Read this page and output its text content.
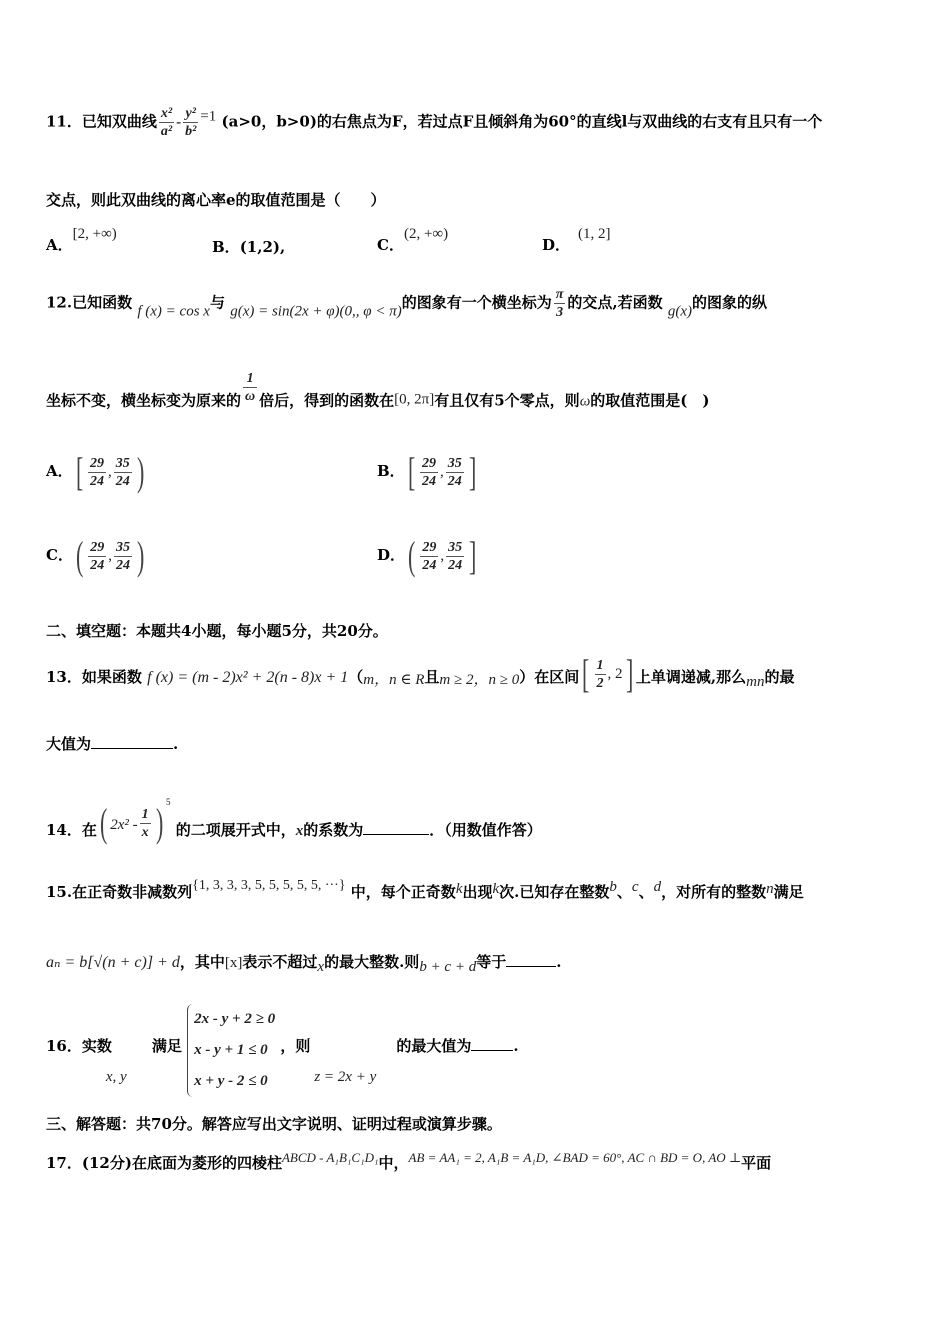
11．已知双曲线 $\frac{\text{x²}}{\text{a²}} - \frac{\text{y²}}{\text{b²}} =1$ (a>0，b>0)的右焦点为F，若过点F且倾斜角为60°的直线l与双曲线的右支有且只有一个
交点，则此双曲线的离心率e的取值范围是（　　）
A．[2, +∞)
B．(1,2),	C．(2, +∞)
D．(1, 2]
12.已知函数 f (x) = cos x与 g(x) = sin(2x + φ)(0,, φ < π)的图象有一个横坐标为 $\frac{\pi}{3}$ 的交点,若函数 g(x)的图象的纵
坐标不变，横坐标变为原来的 $\frac{1}{\omega}$ 倍后，得到的函数在[0, 2π]有且仅有5个零点，则ω的取值范围是(　)
A．[ $\frac{29}{24}$ , $\frac{35}{24}$ )	B．[ $\frac{29}{24}$ , $\frac{35}{24}$ ]
C．( $\frac{29}{24}$ , $\frac{35}{24}$ )	D．( $\frac{29}{24}$ , $\frac{35}{24}$ ]
二、填空题：本题共4小题，每小题5分，共20分。
13．如果函数 f (x) = (m - 2)x² + 2(n - 8)x + 1（m，n ∈ R且m ≥ 2，n ≥ 0）在区间[ $\frac{1}{2}$ , 2] 上单调递减,那么mn的最
大值为	.
14．在( $2x^2 - \frac{1}{x}$ ) $^5$ 的二项展开式中，x的系数为	．（用数值作答）
15.在正奇数非减数列{1, 3, 3, 3, 5, 5, 5, 5, 5, ···} 中，每个正奇数k出现k次.已知存在整数b、c、d，对所有的整数n满足
aₙ = b[√(n + c)] + d，其中[x]表示不超过x的最大整数.则b + c + d等于	.
16．实数x, y满足
2x - y + 2 ≥ 0
x - y + 1 ≤ 0
x + y - 2 ≤ 0
，则z = 2x + y的最大值为	.
三、解答题：共70分。解答应写出文字说明、证明过程或演算步骤。
17．(12分)在底面为菱形的四棱柱ABCD - A₁B₁C₁D₁中，AB = AA₁ = 2, A₁B = A₁D, ∠BAD = 60°, AC ∩ BD = O, AO ⊥平面
